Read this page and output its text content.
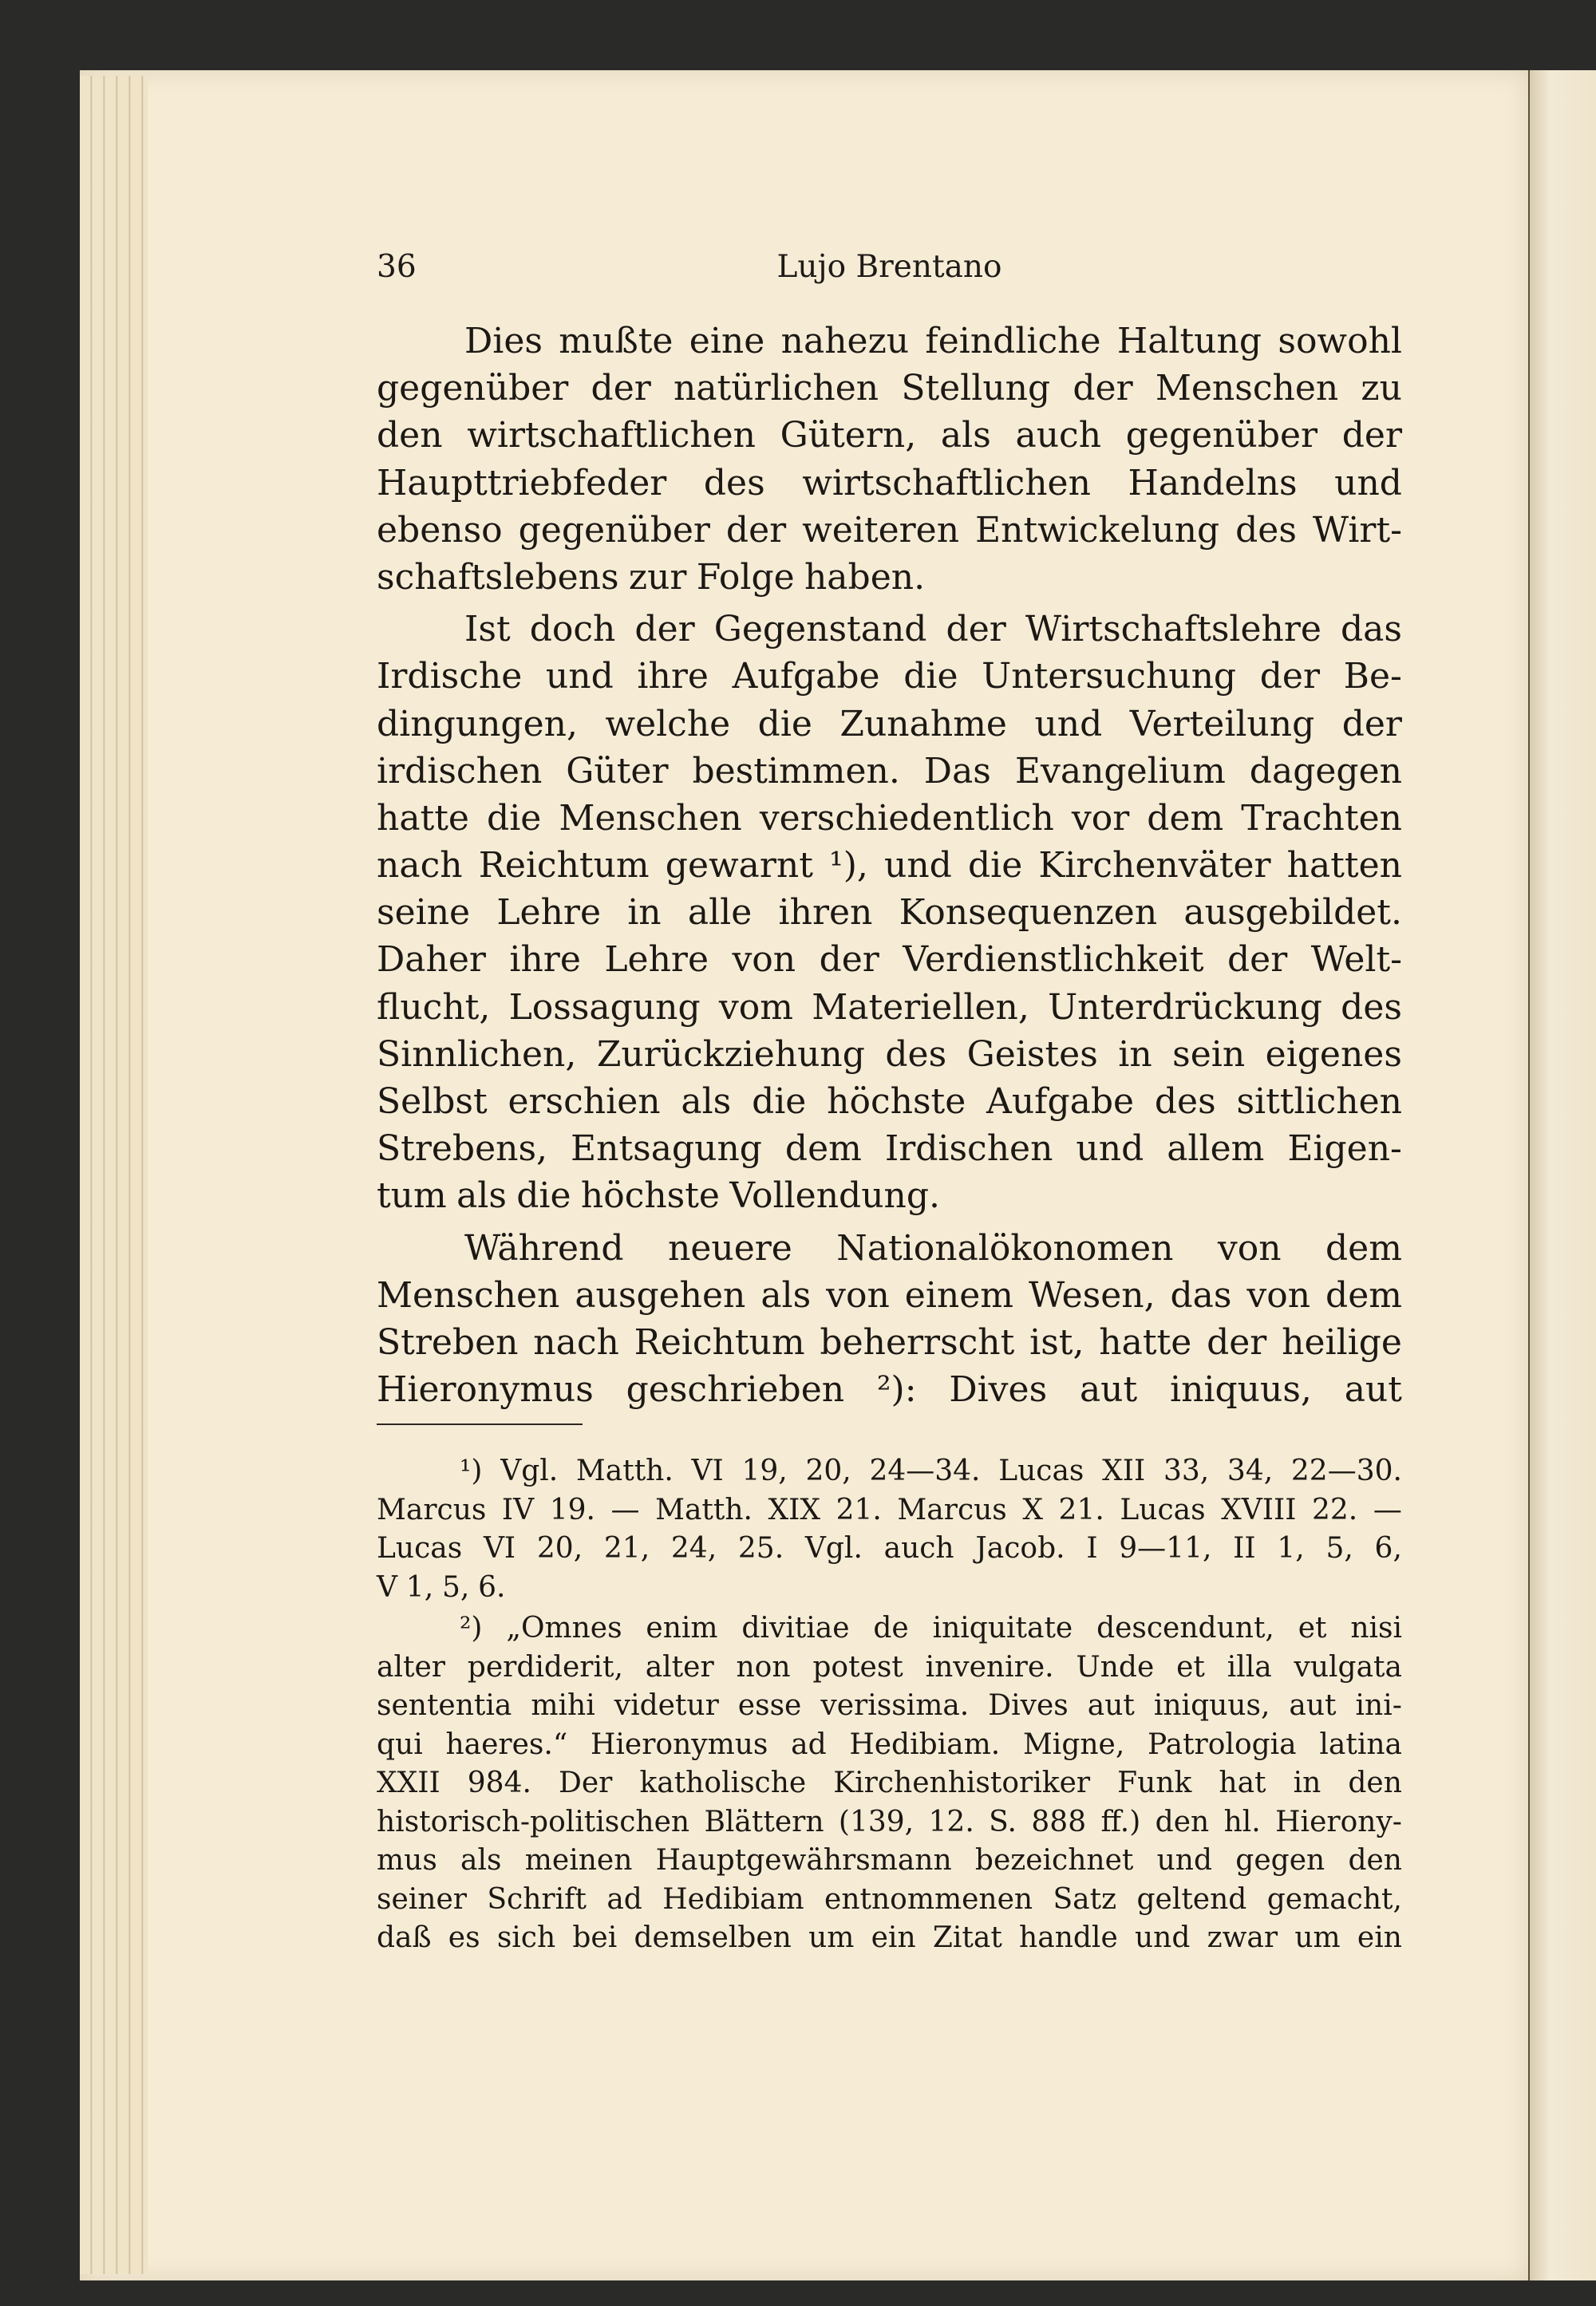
36	Lujo Brentano
Dies mußte eine nahezu feindliche Haltung sowohl
gegenüber der natürlichen Stellung der Menschen zu
den wirtschaftlichen Gütern, als auch gegenüber der
Haupttriebfeder des wirtschaftlichen Handelns und
ebenso gegenüber der weiteren Entwickelung des Wirt-
schaftslebens zur Folge haben.
Ist doch der Gegenstand der Wirtschaftslehre das
Irdische und ihre Aufgabe die Untersuchung der Be-
dingungen, welche die Zunahme und Verteilung der
irdischen Güter bestimmen. Das Evangelium dagegen
hatte die Menschen verschiedentlich vor dem Trachten
nach Reichtum gewarnt ¹), und die Kirchenväter hatten
seine Lehre in alle ihren Konsequenzen ausgebildet.
Daher ihre Lehre von der Verdienstlichkeit der Welt-
flucht, Lossagung vom Materiellen, Unterdrückung des
Sinnlichen, Zurückziehung des Geistes in sein eigenes
Selbst erschien als die höchste Aufgabe des sittlichen
Strebens, Entsagung dem Irdischen und allem Eigen-
tum als die höchste Vollendung.
Während neuere Nationalökonomen von dem
Menschen ausgehen als von einem Wesen, das von dem
Streben nach Reichtum beherrscht ist, hatte der heilige
Hieronymus geschrieben ²): Dives aut iniquus, aut
¹) Vgl. Matth. VI 19, 20, 24—34. Lucas XII 33, 34, 22—30.
Marcus IV 19. — Matth. XIX 21. Marcus X 21. Lucas XVIII 22. —
Lucas VI 20, 21, 24, 25. Vgl. auch Jacob. I 9—11, II 1, 5, 6,
V 1, 5, 6.
²) „Omnes enim divitiae de iniquitate descendunt, et nisi
alter perdiderit, alter non potest invenire. Unde et illa vulgata
sententia mihi videtur esse verissima. Dives aut iniquus, aut ini-
qui haeres.“ Hieronymus ad Hedibiam. Migne, Patrologia latina
XXII 984. Der katholische Kirchenhistoriker Funk hat in den
historisch-politischen Blättern (139, 12. S. 888 ff.) den hl. Hierony-
mus als meinen Hauptgewährsmann bezeichnet und gegen den
seiner Schrift ad Hedibiam entnommenen Satz geltend gemacht,
daß es sich bei demselben um ein Zitat handle und zwar um ein
